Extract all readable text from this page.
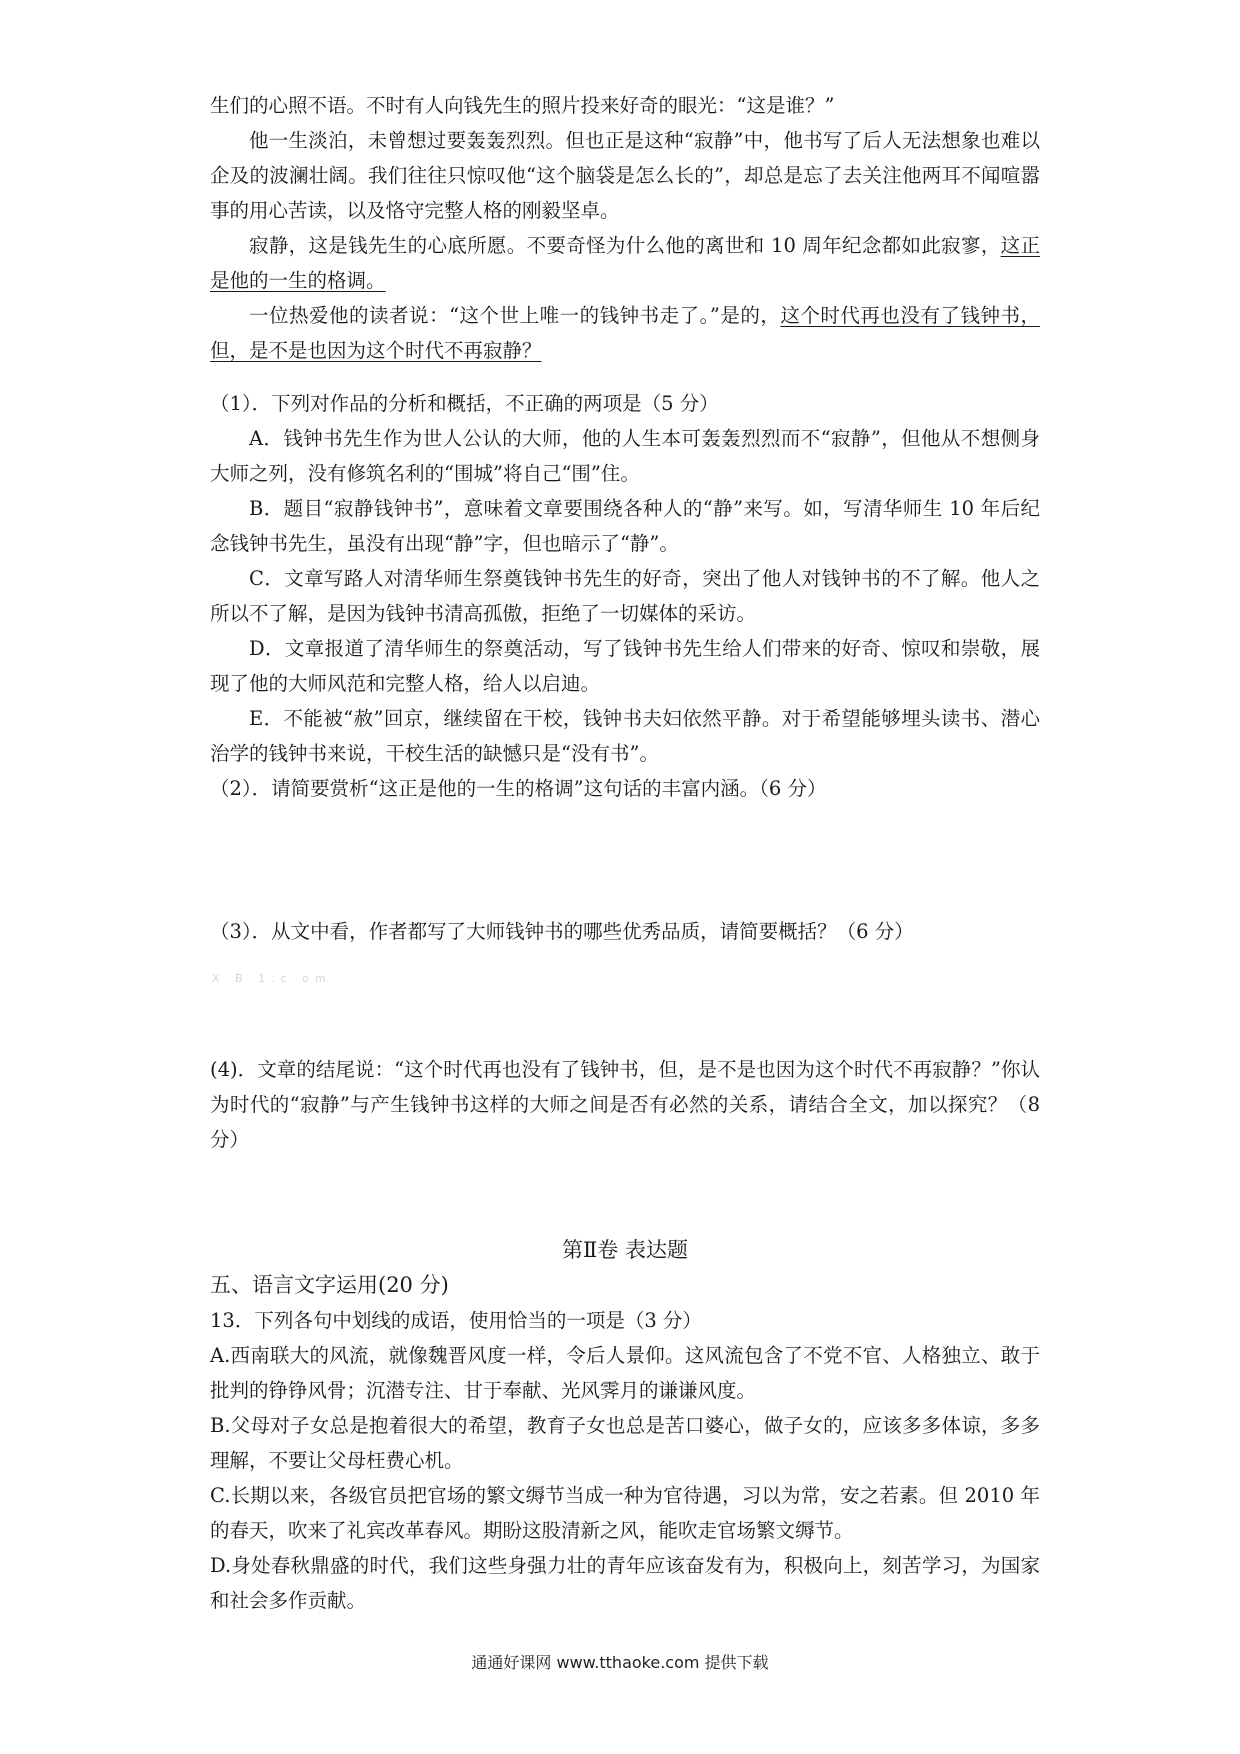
生们的心照不语。不时有人向钱先生的照片投来好奇的眼光：“这是谁？”

他一生淡泊，未曾想过要轰轰烈烈。但也正是这种“寂静”中，他书写了后人无法想象也难以企及的波澜壮阔。我们往往只惊叹他“这个脑袋是怎么长的”，却总是忘了去关注他两耳不闻喧嚣事的用心苦读，以及恪守完整人格的刚毅坚卓。

寂静，这是钱先生的心底所愿。不要奇怪为什么他的离世和 10 周年纪念都如此寂寥，这正是他的一生的格调。

一位热爱他的读者说：“这个世上唯一的钱钟书走了。”是的，这个时代再也没有了钱钟书，但，是不是也因为这个时代不再寂静？

（1）．下列对作品的分析和概括，不正确的两项是（5 分）

A．钱钟书先生作为世人公认的大师，他的人生本可轰轰烈烈而不“寂静”，但他从不想侧身大师之列，没有修筑名利的“围城”将自己“围”住。

B．题目“寂静钱钟书”，意味着文章要围绕各种人的“静”来写。如，写清华师生 10 年后纪念钱钟书先生，虽没有出现“静”字，但也暗示了“静”。

C．文章写路人对清华师生祭奠钱钟书先生的好奇，突出了他人对钱钟书的不了解。他人之所以不了解，是因为钱钟书清高孤傲，拒绝了一切媒体的采访。

D．文章报道了清华师生的祭奠活动，写了钱钟书先生给人们带来的好奇、惊叹和崇敬，展现了他的大师风范和完整人格，给人以启迪。

E．不能被“赦”回京，继续留在干校，钱钟书夫妇依然平静。对于希望能够埋头读书、潜心治学的钱钟书来说，干校生活的缺憾只是“没有书”。

（2）．请简要赏析“这正是他的一生的格调”这句话的丰富内涵。（6 分）

（3）．从文中看，作者都写了大师钱钟书的哪些优秀品质，请简要概括？（6 分）

X B 1.c om

(4)．文章的结尾说：“这个时代再也没有了钱钟书，但，是不是也因为这个时代不再寂静？”你认为时代的“寂静”与产生钱钟书这样的大师之间是否有必然的关系，请结合全文，加以探究？（8 分）

第Ⅱ卷 表达题

五、语言文字运用(20 分)

13．下列各句中划线的成语，使用恰当的一项是（3 分）

A.西南联大的风流，就像魏晋风度一样，令后人景仰。这风流包含了不党不官、人格独立、敢于批判的铮铮风骨；沉潜专注、甘于奉献、光风霁月的谦谦风度。

B.父母对子女总是抱着很大的希望，教育子女也总是苦口婆心，做子女的，应该多多体谅，多多理解，不要让父母枉费心机。

C.长期以来，各级官员把官场的繁文缛节当成一种为官待遇，习以为常，安之若素。但 2010 年的春天，吹来了礼宾改革春风。期盼这股清新之风，能吹走官场繁文缛节。

D.身处春秋鼎盛的时代，我们这些身强力壮的青年应该奋发有为，积极向上，刻苦学习，为国家和社会多作贡献。

通通好课网 www.tthaoke.com 提供下载
